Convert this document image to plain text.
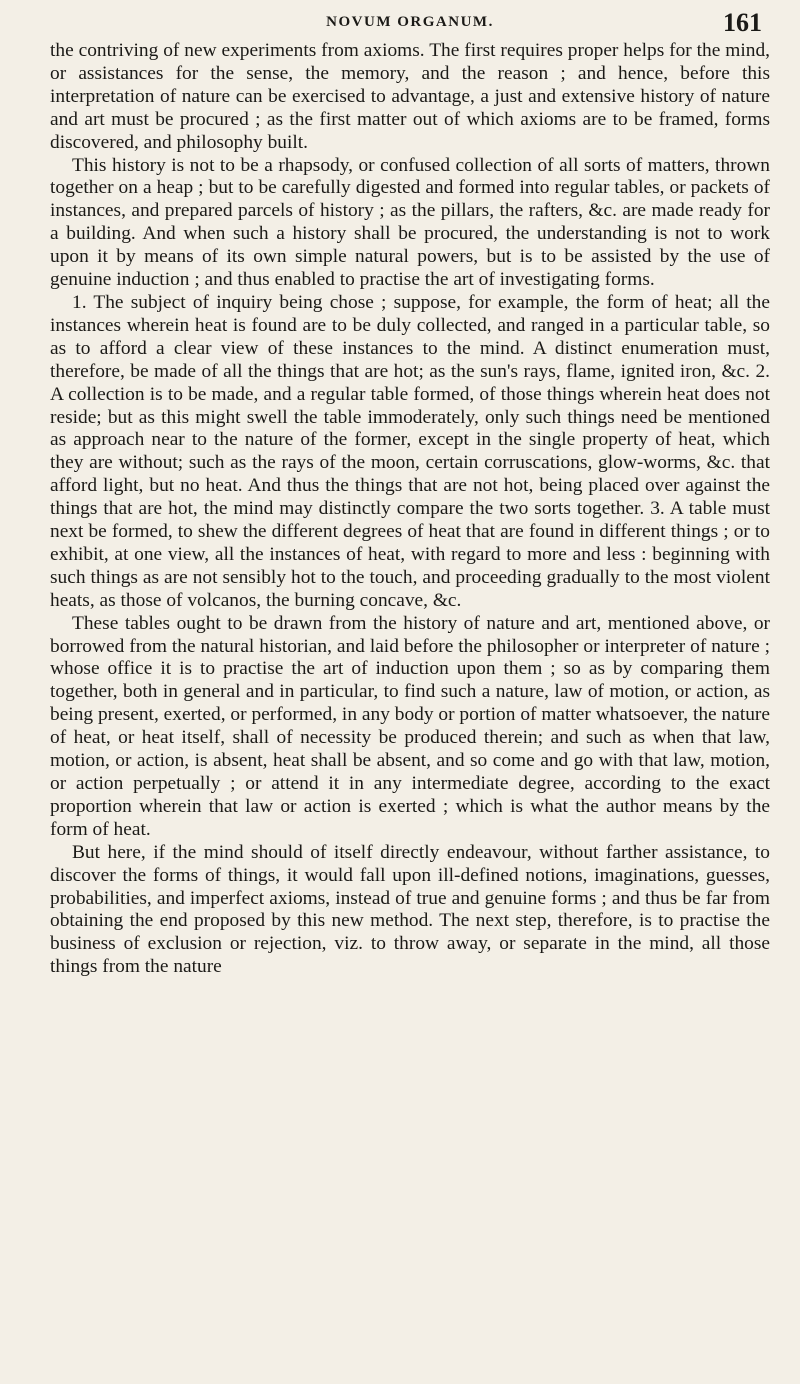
NOVUM ORGANUM.	161

the contriving of new experiments from axioms. The first requires proper helps for the mind, or assistances for the sense, the memory, and the reason ; and hence, before this interpretation of nature can be exercised to advantage, a just and extensive history of nature and art must be procured ; as the first matter out of which axioms are to be framed, forms discovered, and philosophy built.

This history is not to be a rhapsody, or confused collection of all sorts of matters, thrown together on a heap ; but to be carefully digested and formed into regular tables, or packets of instances, and prepared parcels of history ; as the pillars, the rafters, &c. are made ready for a building. And when such a history shall be procured, the understanding is not to work upon it by means of its own simple natural powers, but is to be assisted by the use of genuine induction ; and thus enabled to practise the art of investigating forms.

1. The subject of inquiry being chose ; suppose, for example, the form of heat; all the instances wherein heat is found are to be duly collected, and ranged in a particular table, so as to afford a clear view of these instances to the mind. A distinct enumeration must, therefore, be made of all the things that are hot; as the sun's rays, flame, ignited iron, &c. 2. A collection is to be made, and a regular table formed, of those things wherein heat does not reside; but as this might swell the table immoderately, only such things need be mentioned as approach near to the nature of the former, except in the single property of heat, which they are without; such as the rays of the moon, certain corruscations, glow-worms, &c. that afford light, but no heat. And thus the things that are not hot, being placed over against the things that are hot, the mind may distinctly compare the two sorts together. 3. A table must next be formed, to shew the different degrees of heat that are found in different things ; or to exhibit, at one view, all the instances of heat, with regard to more and less : beginning with such things as are not sensibly hot to the touch, and proceeding gradually to the most violent heats, as those of volcanos, the burning concave, &c.

These tables ought to be drawn from the history of nature and art, mentioned above, or borrowed from the natural historian, and laid before the philosopher or interpreter of nature ; whose office it is to practise the art of induction upon them ; so as by comparing them together, both in general and in particular, to find such a nature, law of motion, or action, as being present, exerted, or performed, in any body or portion of matter whatsoever, the nature of heat, or heat itself, shall of necessity be produced therein; and such as when that law, motion, or action, is absent, heat shall be absent, and so come and go with that law, motion, or action perpetually ; or attend it in any intermediate degree, according to the exact proportion wherein that law or action is exerted ; which is what the author means by the form of heat.

But here, if the mind should of itself directly endeavour, without farther assistance, to discover the forms of things, it would fall upon ill-defined notions, imaginations, guesses, probabilities, and imperfect axioms, instead of true and genuine forms ; and thus be far from obtaining the end proposed by this new method. The next step, therefore, is to practise the business of exclusion or rejection, viz. to throw away, or separate in the mind, all those things from the nature
